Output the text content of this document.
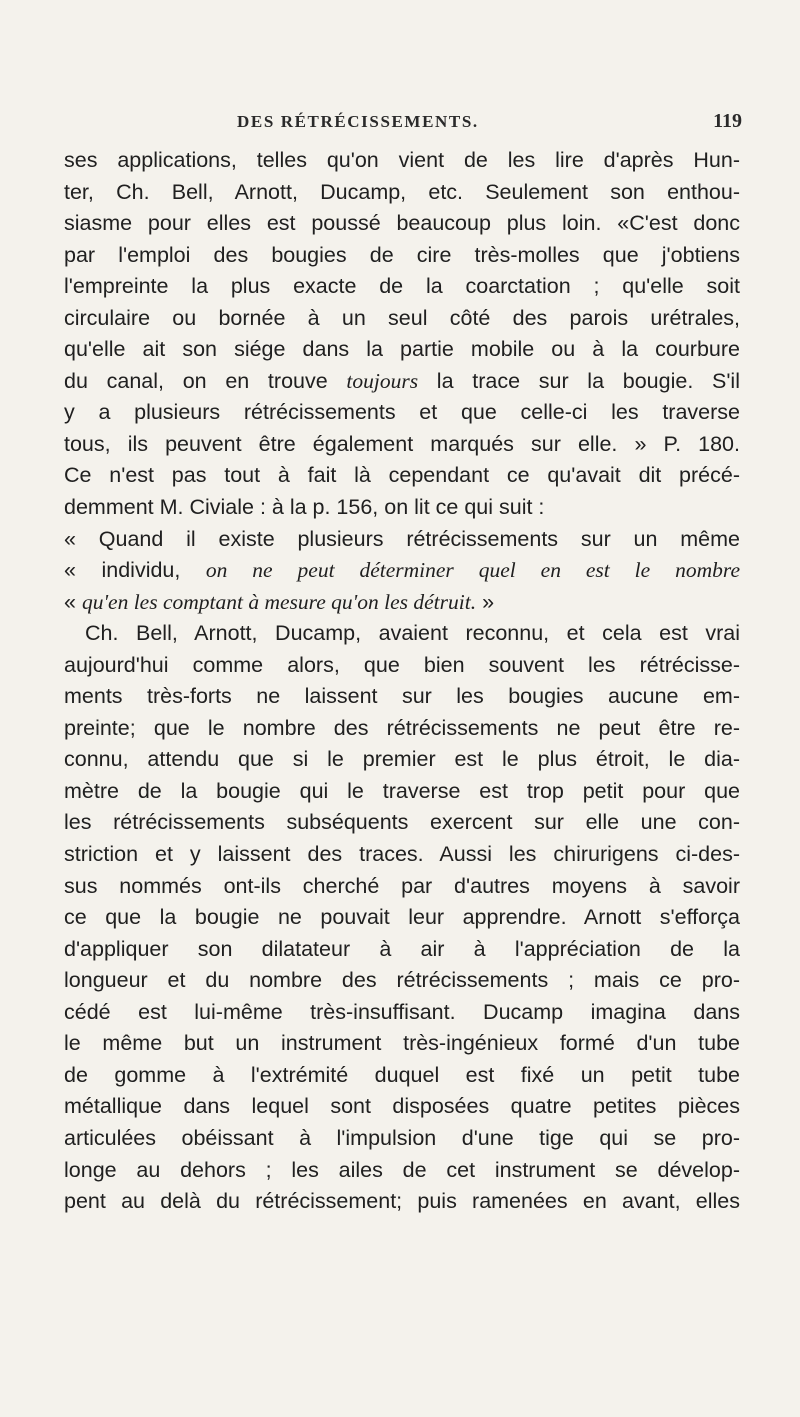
DES RÉTRÉCISSEMENTS.	119
ses applications, telles qu'on vient de les lire d'après Hun-
ter, Ch. Bell, Arnott, Ducamp, etc. Seulement son enthou-
siasme pour elles est poussé beaucoup plus loin. «C'est donc
par l'emploi des bougies de cire très-molles que j'obtiens
l'empreinte la plus exacte de la coarctation ; qu'elle soit
circulaire ou bornée à un seul côté des parois urétrales,
qu'elle ait son siége dans la partie mobile ou à la courbure
du canal, on en trouve toujours la trace sur la bougie. S'il
y a plusieurs rétrécissements et que celle-ci les traverse
tous, ils peuvent être également marqués sur elle. » P. 180.
Ce n'est pas tout à fait là cependant ce qu'avait dit précé-
demment M. Civiale : à la p. 156, on lit ce qui suit :
« Quand il existe plusieurs rétrécissements sur un même
« individu, on ne peut déterminer quel en est le nombre
« qu'en les comptant à mesure qu'on les détruit. »
Ch. Bell, Arnott, Ducamp, avaient reconnu, et cela est vrai
aujourd'hui comme alors, que bien souvent les rétrécisse-
ments très-forts ne laissent sur les bougies aucune em-
preinte; que le nombre des rétrécissements ne peut être re-
connu, attendu que si le premier est le plus étroit, le dia-
mètre de la bougie qui le traverse est trop petit pour que
les rétrécissements subséquents exercent sur elle une con-
striction et y laissent des traces. Aussi les chirurigens ci-des-
sus nommés ont-ils cherché par d'autres moyens à savoir
ce que la bougie ne pouvait leur apprendre. Arnott s'efforça
d'appliquer son dilatateur à air à l'appréciation de la
longueur et du nombre des rétrécissements ; mais ce pro-
cédé est lui-même très-insuffisant. Ducamp imagina dans
le même but un instrument très-ingénieux formé d'un tube
de gomme à l'extrémité duquel est fixé un petit tube
métallique dans lequel sont disposées quatre petites pièces
articulées obéissant à l'impulsion d'une tige qui se pro-
longe au dehors ; les ailes de cet instrument se dévelop-
pent au delà du rétrécissement; puis ramenées en avant, elles
